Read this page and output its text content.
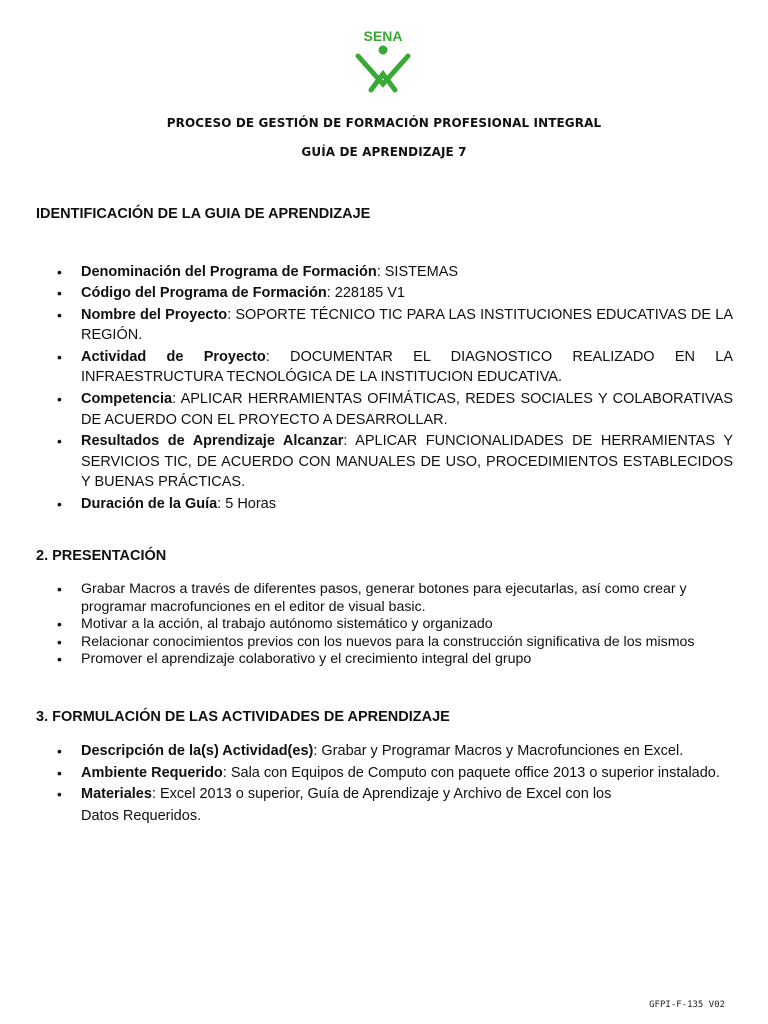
SENA
PROCESO DE GESTIÓN DE FORMACIÓN PROFESIONAL INTEGRAL
GUÍA DE APRENDIZAJE 7
IDENTIFICACIÓN DE LA GUIA DE APRENDIZAJE
• Denominación del Programa de Formación: SISTEMAS
• Código del Programa de Formación: 228185 V1
• Nombre del Proyecto: SOPORTE TÉCNICO TIC PARA LAS INSTITUCIONES EDUCATIVAS DE LA REGIÓN.
• Actividad de Proyecto: DOCUMENTAR EL DIAGNOSTICO REALIZADO EN LA INFRAESTRUCTURA TECNOLÓGICA DE LA INSTITUCION EDUCATIVA.
• Competencia: APLICAR HERRAMIENTAS OFIMÁTICAS, REDES SOCIALES Y COLABORATIVAS DE ACUERDO CON EL PROYECTO A DESARROLLAR.
• Resultados de Aprendizaje Alcanzar: APLICAR FUNCIONALIDADES DE HERRAMIENTAS Y SERVICIOS TIC, DE ACUERDO CON MANUALES DE USO, PROCEDIMIENTOS ESTABLECIDOS Y BUENAS PRÁCTICAS.
• Duración de la Guía: 5 Horas
2. PRESENTACIÓN
• Grabar Macros a través de diferentes pasos, generar botones para ejecutarlas, así como crear y programar macrofunciones en el editor de visual basic.
• Motivar a la acción, al trabajo autónomo sistemático y organizado
• Relacionar conocimientos previos con los nuevos para la construcción significativa de los mismos
• Promover el aprendizaje colaborativo y el crecimiento integral del grupo
3. FORMULACIÓN DE LAS ACTIVIDADES DE APRENDIZAJE
• Descripción de la(s) Actividad(es): Grabar y Programar Macros y Macrofunciones en Excel.
• Ambiente Requerido: Sala con Equipos de Computo con paquete office 2013 o superior instalado.
• Materiales: Excel 2013 o superior, Guía de Aprendizaje y Archivo de Excel con los
Datos Requeridos.
GFPI-F-135 V02
